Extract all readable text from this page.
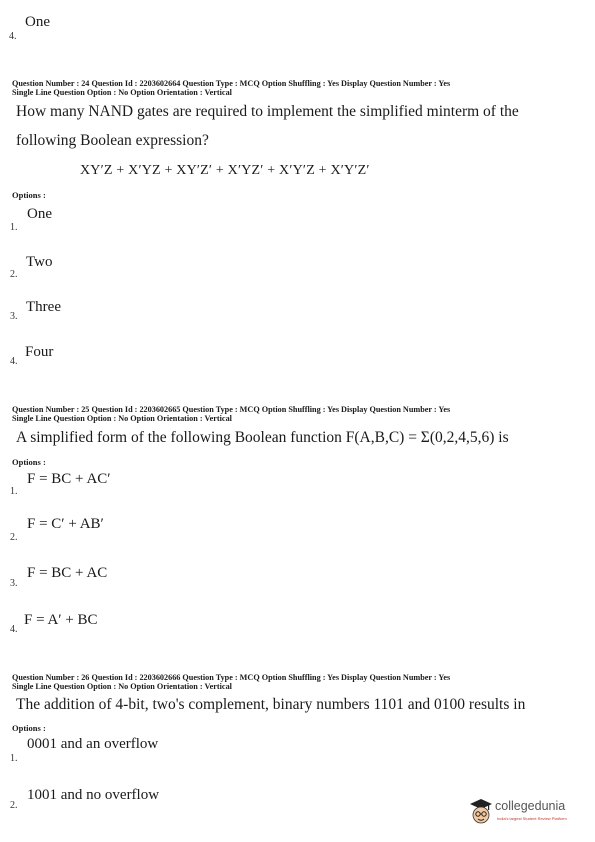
One
4.
Question Number : 24 Question Id : 2203602664 Question Type : MCQ Option Shuffling : Yes Display Question Number : Yes
Single Line Question Option : No Option Orientation : Vertical
How many NAND gates are required to implement the simplified minterm of the
following Boolean expression?
XY′Z + X′YZ + XY′Z′ + X′YZ′ + X′Y′Z + X′Y′Z′
Options :
One
1.
Two
2.
Three
3.
Four
4.
Question Number : 25 Question Id : 2203602665 Question Type : MCQ Option Shuffling : Yes Display Question Number : Yes
Single Line Question Option : No Option Orientation : Vertical
A simplified form of the following Boolean function F(A,B,C) = Σ(0,2,4,5,6) is
Options :
F = BC + AC′
1.
F = C′ + AB′
2.
F = BC + AC
3.
F = A′ + BC
4.
Question Number : 26 Question Id : 2203602666 Question Type : MCQ Option Shuffling : Yes Display Question Number : Yes
Single Line Question Option : No Option Orientation : Vertical
The addition of 4-bit, two's complement, binary numbers 1101 and 0100 results in
Options :
0001 and an overflow
1.
1001 and no overflow
2.	collegedunia
India's largest Student Review Platform
